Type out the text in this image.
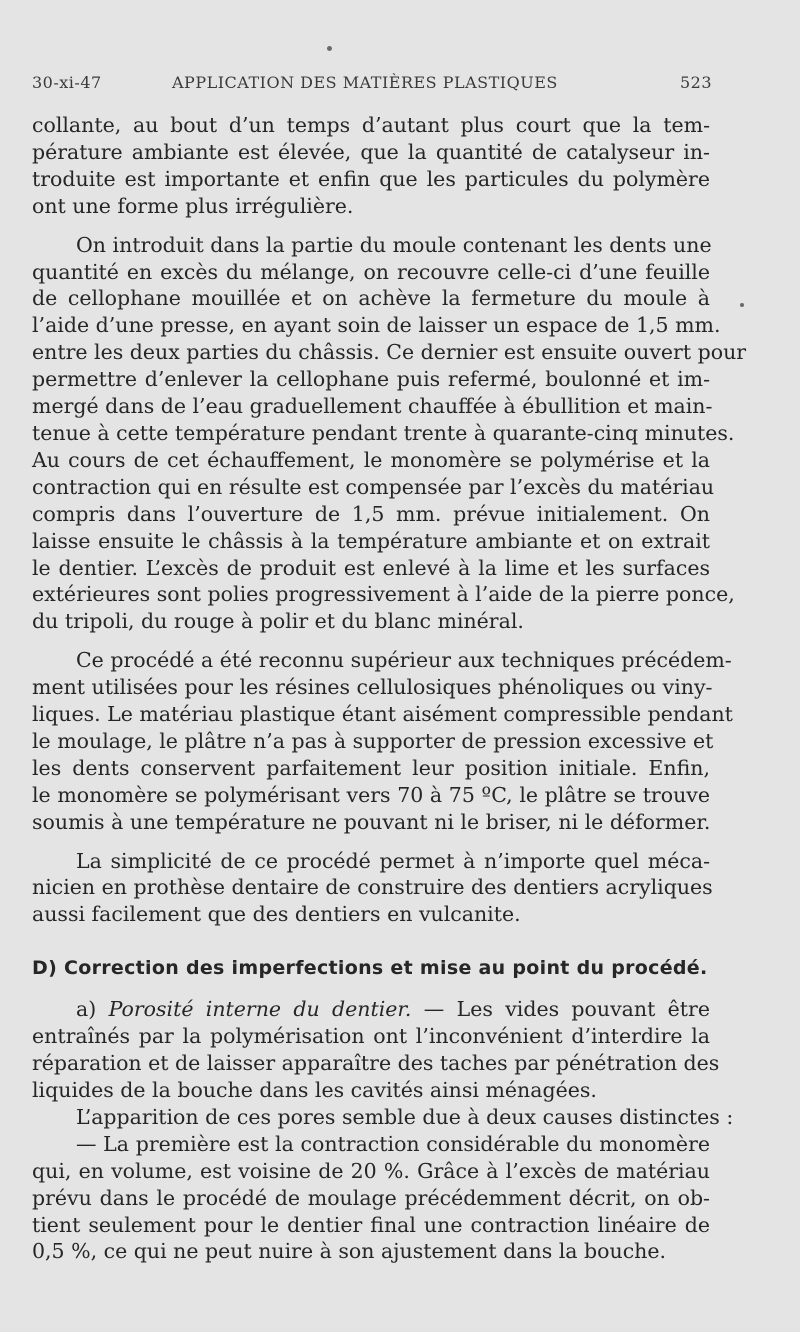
30-xi-47	APPLICATION DES MATIÈRES PLASTIQUES	523
collante, au bout d’un temps d’autant plus court que la tem-
pérature ambiante est élevée, que la quantité de catalyseur in-
troduite est importante et enfin que les particules du polymère
ont une forme plus irrégulière.
On introduit dans la partie du moule contenant les dents une
quantité en excès du mélange, on recouvre celle-ci d’une feuille
de cellophane mouillée et on achève la fermeture du moule à
l’aide d’une presse, en ayant soin de laisser un espace de 1,5 mm.
entre les deux parties du châssis. Ce dernier est ensuite ouvert pour
permettre d’enlever la cellophane puis refermé, boulonné et im-
mergé dans de l’eau graduellement chauffée à ébullition et main-
tenue à cette température pendant trente à quarante-cinq minutes.
Au cours de cet échauffement, le monomère se polymérise et la
contraction qui en résulte est compensée par l’excès du matériau
compris dans l’ouverture de 1,5 mm. prévue initialement. On
laisse ensuite le châssis à la température ambiante et on extrait
le dentier. L’excès de produit est enlevé à la lime et les surfaces
extérieures sont polies progressivement à l’aide de la pierre ponce,
du tripoli, du rouge à polir et du blanc minéral.
Ce procédé a été reconnu supérieur aux techniques précédem-
ment utilisées pour les résines cellulosiques phénoliques ou viny-
liques. Le matériau plastique étant aisément compressible pendant
le moulage, le plâtre n’a pas à supporter de pression excessive et
les dents conservent parfaitement leur position initiale. Enfin,
le monomère se polymérisant vers 70 à 75 ºC, le plâtre se trouve
soumis à une température ne pouvant ni le briser, ni le déformer.
La simplicité de ce procédé permet à n’importe quel méca-
nicien en prothèse dentaire de construire des dentiers acryliques
aussi facilement que des dentiers en vulcanite.
D) Correction des imperfections et mise au point du procédé.
a) Porosité interne du dentier. — Les vides pouvant être
entraînés par la polymérisation ont l’inconvénient d’interdire la
réparation et de laisser apparaître des taches par pénétration des
liquides de la bouche dans les cavités ainsi ménagées.
L’apparition de ces pores semble due à deux causes distinctes :
— La première est la contraction considérable du monomère
qui, en volume, est voisine de 20 %. Grâce à l’excès de matériau
prévu dans le procédé de moulage précédemment décrit, on ob-
tient seulement pour le dentier final une contraction linéaire de
0,5 %, ce qui ne peut nuire à son ajustement dans la bouche.
